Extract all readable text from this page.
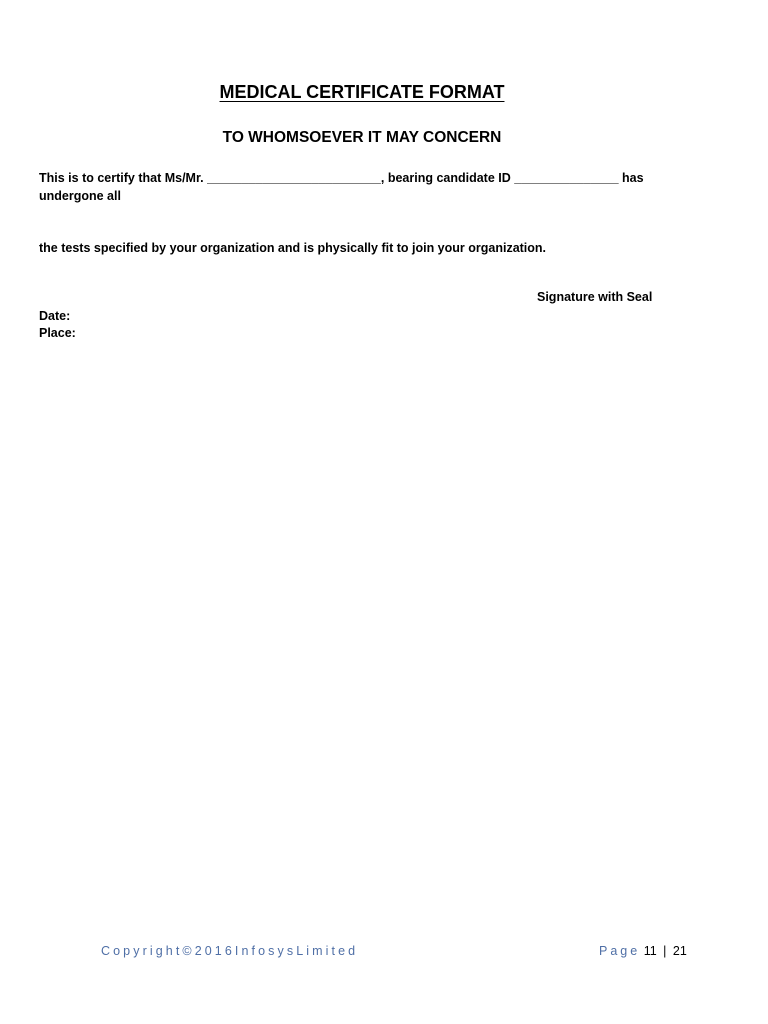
MEDICAL CERTIFICATE FORMAT
TO WHOMSOEVER IT MAY CONCERN
This is to certify that Ms/Mr. _________________________, bearing candidate ID _______________ has undergone all
the tests specified by your organization and is physically fit to join your organization.
Signature with Seal
Date:
Place:
Copyright©2016InfosysLimited	Page 11 | 21
